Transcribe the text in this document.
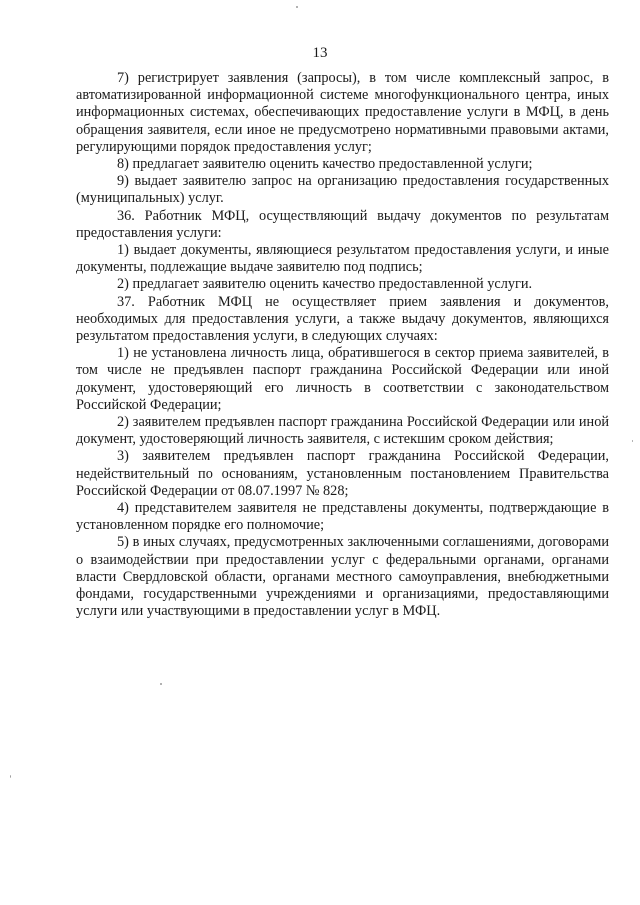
13

7) регистрирует заявления (запросы), в том числе комплексный запрос, в автоматизированной информационной системе многофункционального центра, иных информационных системах, обеспечивающих предоставление услуги в МФЦ, в день обращения заявителя, если иное не предусмотрено нормативными правовыми актами, регулирующими порядок предоставления услуг;

8) предлагает заявителю оценить качество предоставленной услуги;

9) выдает заявителю запрос на организацию предоставления государственных (муниципальных) услуг.

36. Работник МФЦ, осуществляющий выдачу документов по результатам предоставления услуги:

1) выдает документы, являющиеся результатом предоставления услуги, и иные документы, подлежащие выдаче заявителю под подпись;

2) предлагает заявителю оценить качество предоставленной услуги.

37. Работник МФЦ не осуществляет прием заявления и документов, необходимых для предоставления услуги, а также выдачу документов, являющихся результатом предоставления услуги, в следующих случаях:

1) не установлена личность лица, обратившегося в сектор приема заявителей, в том числе не предъявлен паспорт гражданина Российской Федерации или иной документ, удостоверяющий его личность в соответствии с законодательством Российской Федерации;

2) заявителем предъявлен паспорт гражданина Российской Федерации или иной документ, удостоверяющий личность заявителя, с истекшим сроком действия;

3) заявителем предъявлен паспорт гражданина Российской Федерации, недействительный по основаниям, установленным постановлением Правительства Российской Федерации от 08.07.1997 № 828;

4) представителем заявителя не представлены документы, подтверждающие в установленном порядке его полномочие;

5) в иных случаях, предусмотренных заключенными соглашениями, договорами о взаимодействии при предоставлении услуг с федеральными органами, органами власти Свердловской области, органами местного самоуправления, внебюджетными фондами, государственными учреждениями и организациями, предоставляющими услуги или участвующими в предоставлении услуг в МФЦ.
